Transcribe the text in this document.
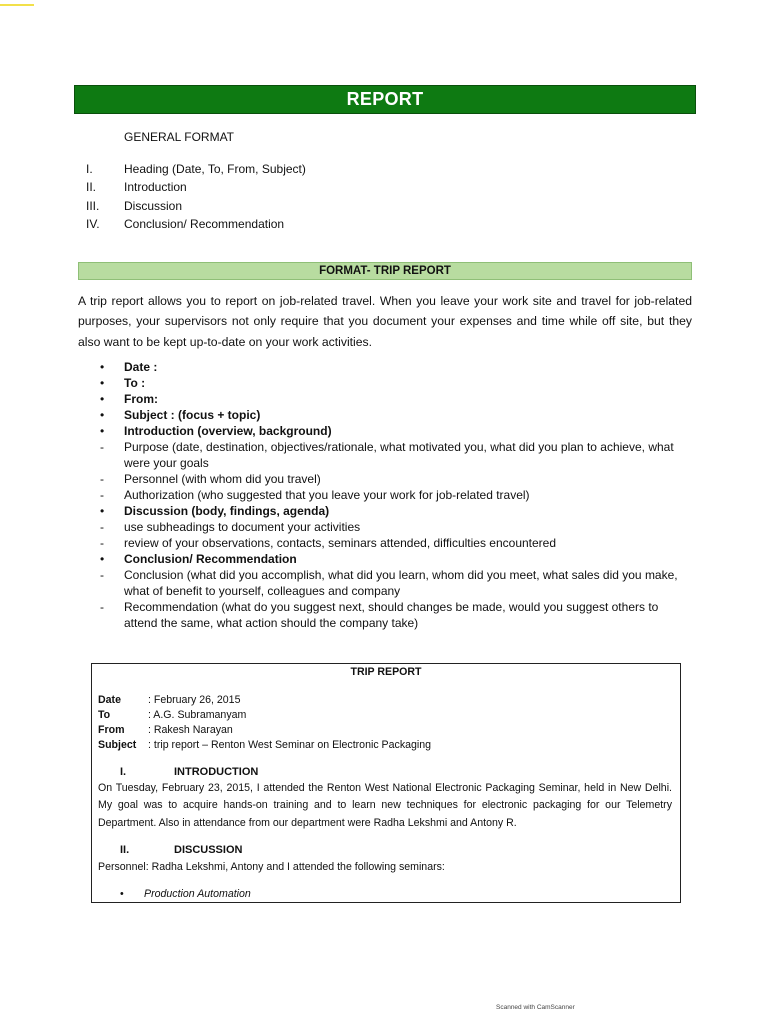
REPORT
GENERAL FORMAT
I.	Heading (Date, To, From, Subject)
II.	Introduction
III.	Discussion
IV.	Conclusion/ Recommendation
FORMAT- TRIP REPORT

A trip report allows you to report on job-related travel. When you leave your work site and travel for job-related purposes, your supervisors not only require that you document your expenses and time while off site, but they also want to be kept up-to-date on your work activities.

•	Date :
•	To :
•	From:
•	Subject : (focus + topic)
•	Introduction (overview, background)
-	Purpose (date, destination, objectives/rationale, what motivated you, what did you plan to achieve, what were your goals
-	Personnel (with whom did you travel)
-	Authorization (who suggested that you leave your work for job-related travel)
•	Discussion (body, findings, agenda)
-	use subheadings to document your activities
-	review of your observations, contacts, seminars attended, difficulties encountered
•	Conclusion/ Recommendation
-	Conclusion (what did you accomplish, what did you learn, whom did you meet, what sales did you make, what of benefit to yourself, colleagues and company
-	Recommendation (what do you suggest next, should changes be made, would you suggest others to attend the same, what action should the company take)
TRIP REPORT
Date	: February 26, 2015
To	: A.G. Subramanyam
From	: Rakesh Narayan
Subject	: trip report – Renton West Seminar on Electronic Packaging
I.	INTRODUCTION

On Tuesday, February 23, 2015, I attended the Renton West National Electronic Packaging Seminar, held in New Delhi. My goal was to acquire hands-on training and to learn new techniques for electronic packaging for our Telemetry Department. Also in attendance from our department were Radha Lekshmi and Antony R.

II.	DISCUSSION

Personnel: Radha Lekshmi, Antony and I attended the following seminars:

•	Production Automation
Scanned with CamScanner
